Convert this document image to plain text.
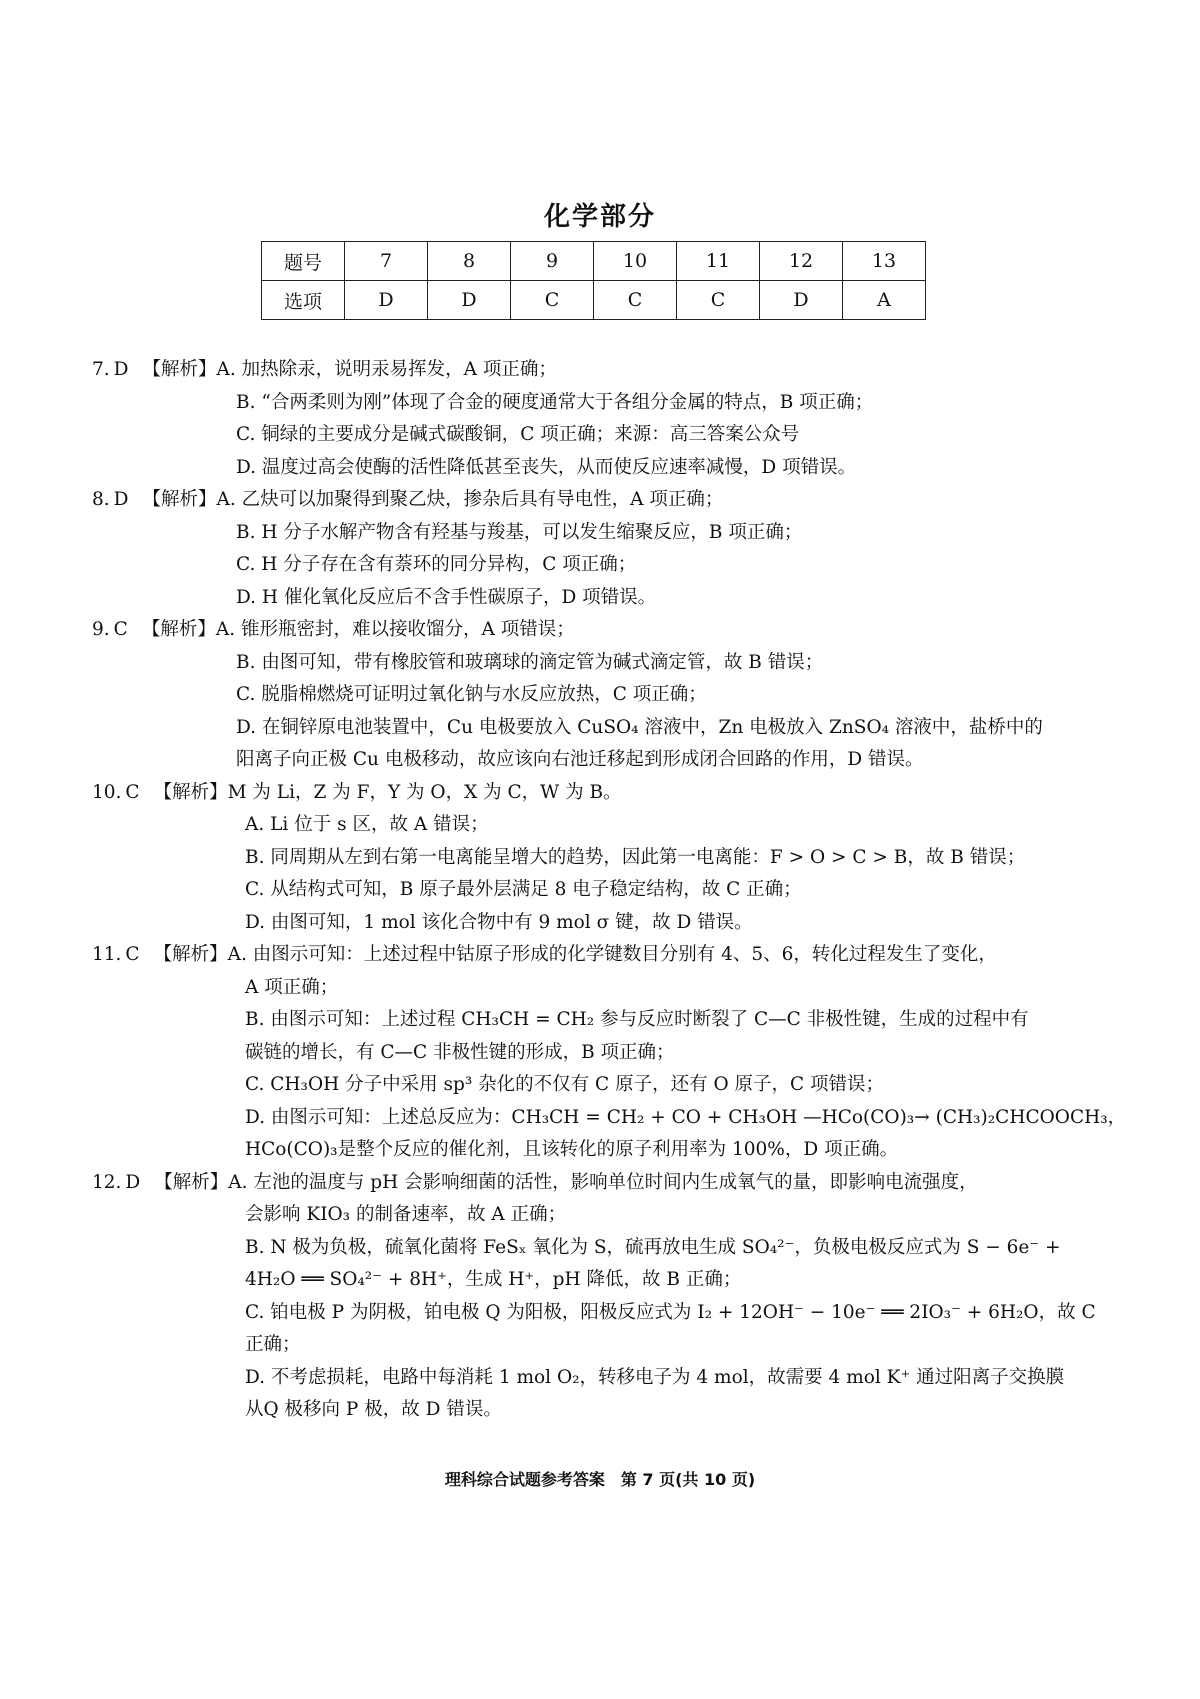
化学部分
题号	7	8	9	10	11	12	13
选项	D	D	C	C	C	D	A
7. D 【解析】A. 加热除汞，说明汞易挥发，A 项正确；
B. “合两柔则为刚”体现了合金的硬度通常大于各组分金属的特点，B 项正确；
C. 铜绿的主要成分是碱式碳酸铜，C 项正确；来源：高三答案公众号
D. 温度过高会使酶的活性降低甚至丧失，从而使反应速率减慢，D 项错误。
8. D 【解析】A. 乙炔可以加聚得到聚乙炔，掺杂后具有导电性，A 项正确；
B. H 分子水解产物含有羟基与羧基，可以发生缩聚反应，B 项正确；
C. H 分子存在含有萘环的同分异构，C 项正确；
D. H 催化氧化反应后不含手性碳原子，D 项错误。
9. C 【解析】A. 锥形瓶密封，难以接收馏分，A 项错误；
B. 由图可知，带有橡胶管和玻璃球的滴定管为碱式滴定管，故 B 错误；
C. 脱脂棉燃烧可证明过氧化钠与水反应放热，C 项正确；
D. 在铜锌原电池装置中，Cu 电极要放入 CuSO₄ 溶液中，Zn 电极放入 ZnSO₄ 溶液中，盐桥中的
阳离子向正极 Cu 电极移动，故应该向右池迁移起到形成闭合回路的作用，D 错误。
10. C 【解析】M 为 Li，Z 为 F，Y 为 O，X 为 C，W 为 B。
A. Li 位于 s 区，故 A 错误；
B. 同周期从左到右第一电离能呈增大的趋势，因此第一电离能：F > O > C > B，故 B 错误；
C. 从结构式可知，B 原子最外层满足 8 电子稳定结构，故 C 正确；
D. 由图可知，1 mol 该化合物中有 9 mol σ 键，故 D 错误。
11. C 【解析】A. 由图示可知：上述过程中钴原子形成的化学键数目分别有 4、5、6，转化过程发生了变化，
A 项正确；
B. 由图示可知：上述过程 CH₃CH = CH₂ 参与反应时断裂了 C—C 非极性键，生成的过程中有
碳链的增长，有 C—C 非极性键的形成，B 项正确；
C. CH₃OH 分子中采用 sp³ 杂化的不仅有 C 原子，还有 O 原子，C 项错误；
D. 由图示可知：上述总反应为：CH₃CH = CH₂ + CO + CH₃OH —HCo(CO)₃→ (CH₃)₂CHCOOCH₃，
HCo(CO)₃是整个反应的催化剂，且该转化的原子利用率为 100%，D 项正确。
12. D 【解析】A. 左池的温度与 pH 会影响细菌的活性，影响单位时间内生成氧气的量，即影响电流强度，
会影响 KIO₃ 的制备速率，故 A 正确；
B. N 极为负极，硫氧化菌将 FeSₓ 氧化为 S，硫再放电生成 SO₄²⁻，负极电极反应式为 S − 6e⁻ +
4H₂O ══ SO₄²⁻ + 8H⁺，生成 H⁺，pH 降低，故 B 正确；
C. 铂电极 P 为阴极，铂电极 Q 为阳极，阳极反应式为 I₂ + 12OH⁻ − 10e⁻ ══ 2IO₃⁻ + 6H₂O，故 C
正确；
D. 不考虑损耗，电路中每消耗 1 mol O₂，转移电子为 4 mol，故需要 4 mol K⁺ 通过阳离子交换膜
从Q 极移向 P 极，故 D 错误。
理科综合试题参考答案　第 7 页(共 10 页)
